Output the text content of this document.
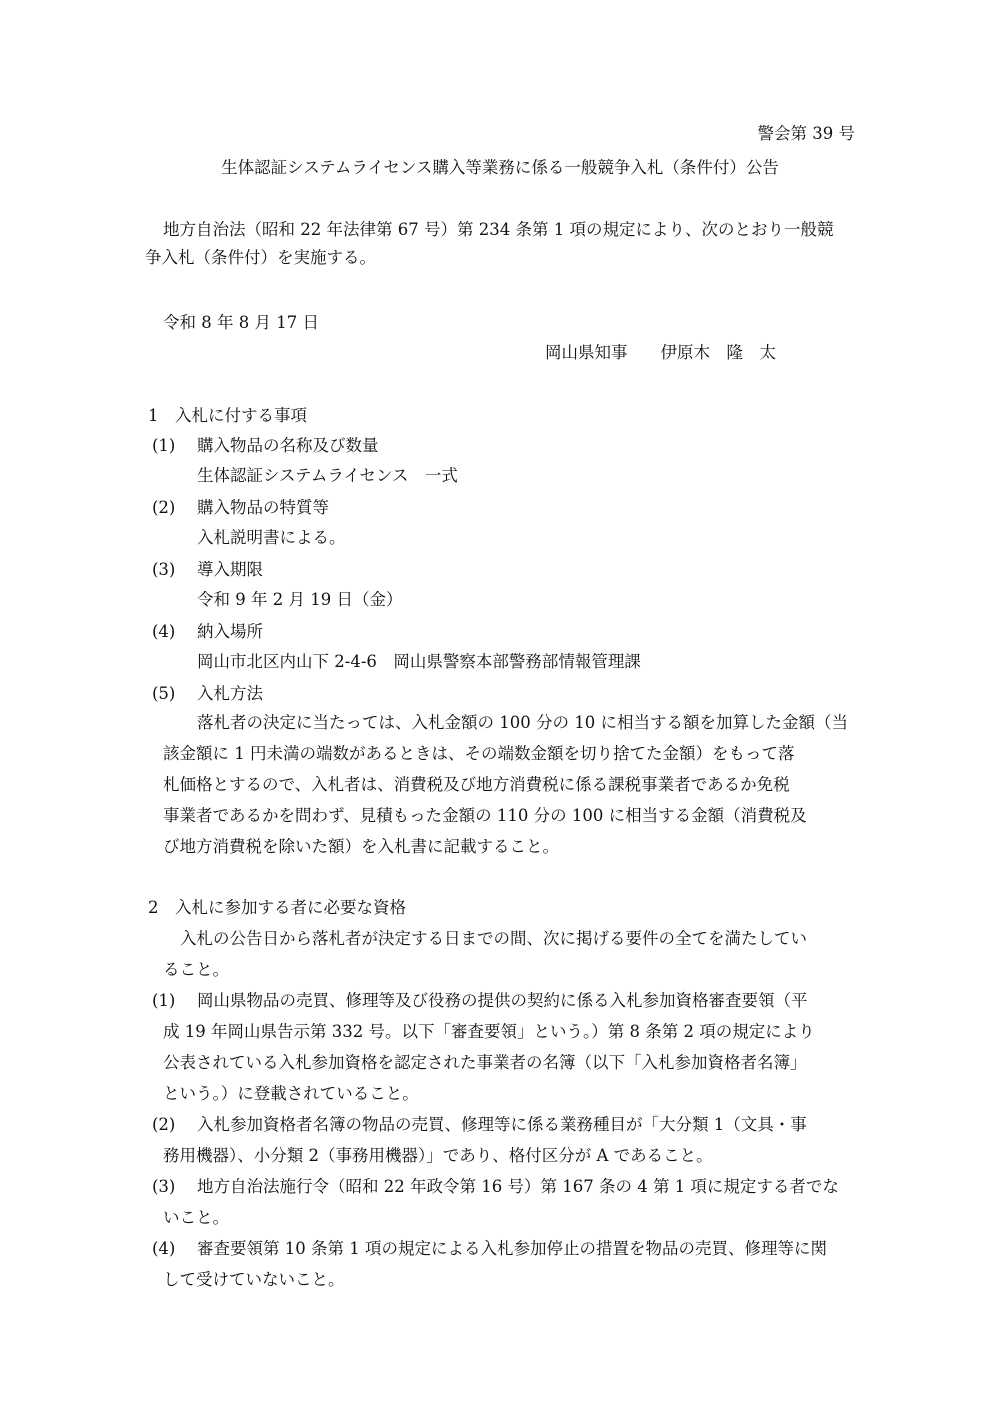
警会第 39 号
生体認証システムライセンス購入等業務に係る一般競争入札（条件付）公告
地方自治法（昭和 22 年法律第 67 号）第 234 条第 1 項の規定により、次のとおり一般競
争入札（条件付）を実施する。
令和 8 年 8 月 17 日
岡山県知事　　伊原木　隆　太
1　入札に付する事項
(1) 購入物品の名称及び数量
生体認証システムライセンス　一式
(2) 購入物品の特質等
入札説明書による。
(3) 導入期限
令和 9 年 2 月 19 日（金）
(4) 納入場所
岡山市北区内山下 2-4-6　岡山県警察本部警務部情報管理課
(5) 入札方法
落札者の決定に当たっては、入札金額の 100 分の 10 に相当する額を加算した金額（当
該金額に 1 円未満の端数があるときは、その端数金額を切り捨てた金額）をもって落
札価格とするので、入札者は、消費税及び地方消費税に係る課税事業者であるか免税
事業者であるかを問わず、見積もった金額の 110 分の 100 に相当する金額（消費税及
び地方消費税を除いた額）を入札書に記載すること。
2　入札に参加する者に必要な資格
入札の公告日から落札者が決定する日までの間、次に掲げる要件の全てを満たしてい
ること。
(1) 岡山県物品の売買、修理等及び役務の提供の契約に係る入札参加資格審査要領（平
成 19 年岡山県告示第 332 号。以下「審査要領」という。）第 8 条第 2 項の規定により
公表されている入札参加資格を認定された事業者の名簿（以下「入札参加資格者名簿」
という。）に登載されていること。
(2) 入札参加資格者名簿の物品の売買、修理等に係る業務種目が「大分類 1（文具・事
務用機器）、小分類 2（事務用機器）」であり、格付区分が A であること。
(3) 地方自治法施行令（昭和 22 年政令第 16 号）第 167 条の 4 第 1 項に規定する者でな
いこと。
(4) 審査要領第 10 条第 1 項の規定による入札参加停止の措置を物品の売買、修理等に関
して受けていないこと。
